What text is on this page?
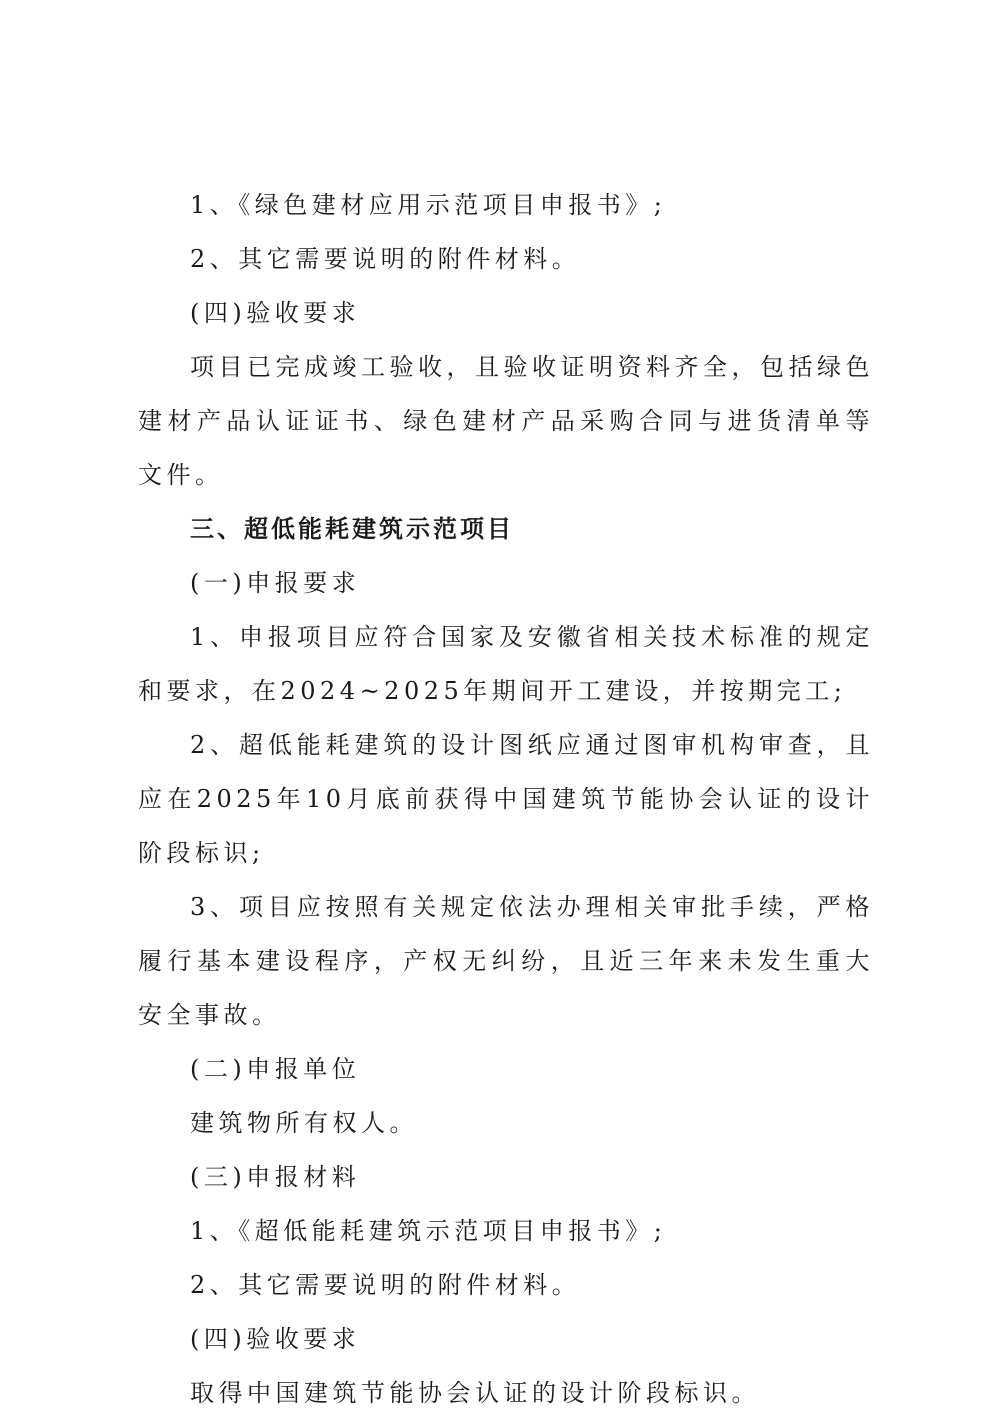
1、《绿色建材应用示范项目申报书》;

2、其它需要说明的附件材料。

(四)验收要求

项目已完成竣工验收，且验收证明资料齐全，包括绿色建材产品认证证书、绿色建材产品采购合同与进货清单等文件。

三、超低能耗建筑示范项目

(一)申报要求

1、申报项目应符合国家及安徽省相关技术标准的规定和要求，在2024~2025年期间开工建设，并按期完工;

2、超低能耗建筑的设计图纸应通过图审机构审查，且应在2025年10月底前获得中国建筑节能协会认证的设计阶段标识;

3、项目应按照有关规定依法办理相关审批手续，严格履行基本建设程序，产权无纠纷，且近三年来未发生重大安全事故。

(二)申报单位

建筑物所有权人。

(三)申报材料

1、《超低能耗建筑示范项目申报书》;

2、其它需要说明的附件材料。

(四)验收要求

取得中国建筑节能协会认证的设计阶段标识。
